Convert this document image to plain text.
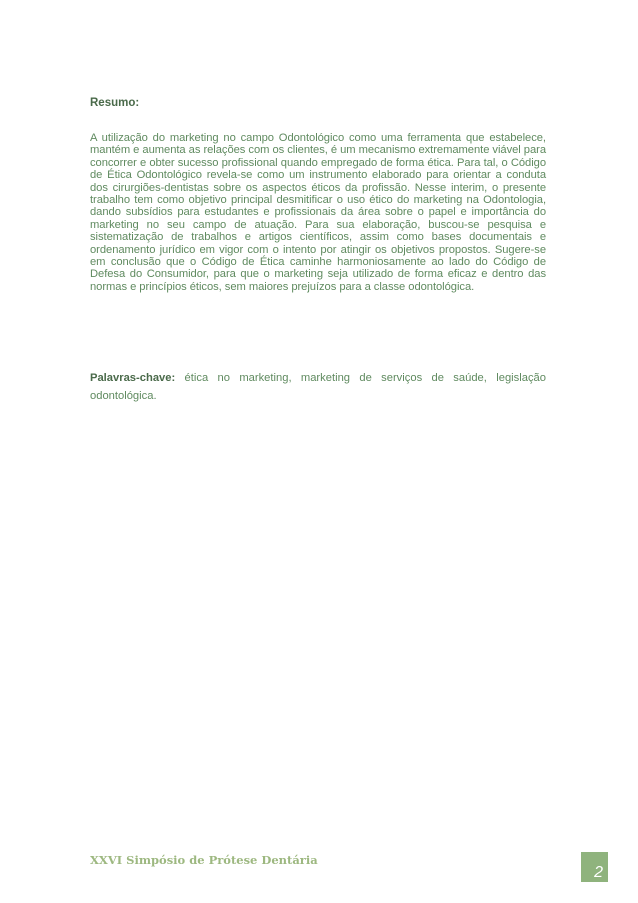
Resumo:

A utilização do marketing no campo Odontológico como uma ferramenta que estabelece, mantém e aumenta as relações com os clientes, é um mecanismo extremamente viável para concorrer e obter sucesso profissional quando empregado de forma ética. Para tal, o Código de Ética Odontológico revela-se como um instrumento elaborado para orientar a conduta dos cirurgiões-dentistas sobre os aspectos éticos da profissão. Nesse interim, o presente trabalho tem como objetivo principal desmitificar o uso ético do marketing na Odontologia, dando subsídios para estudantes e profissionais da área sobre o papel e importância do marketing no seu campo de atuação. Para sua elaboração, buscou-se pesquisa e sistematização de trabalhos e artigos científicos, assim como bases documentais e ordenamento jurídico em vigor com o intento por atingir os objetivos propostos. Sugere-se em conclusão que o Código de Ética caminhe harmoniosamente ao lado do Código de Defesa do Consumidor, para que o marketing seja utilizado de forma eficaz e dentro das normas e princípios éticos, sem maiores prejuízos para a classe odontológica.

Palavras-chave: ética no marketing, marketing de serviços de saúde, legislação odontológica.

XXVI Simpósio de Prótese Dentária
2
